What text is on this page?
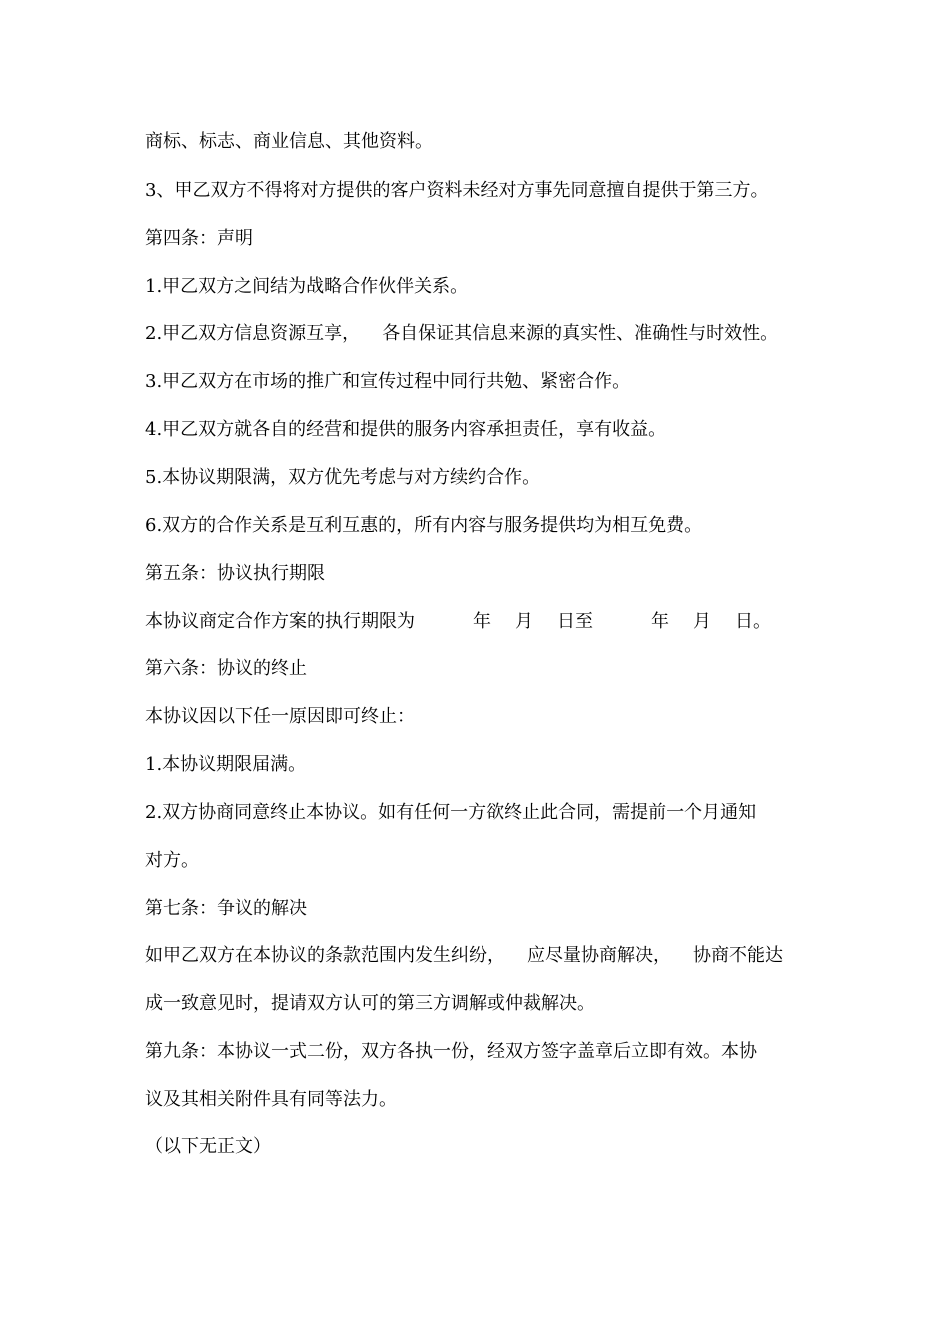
商标、标志、商业信息、其他资料。
3、甲乙双方不得将对方提供的客户资料未经对方事先同意擅自提供于第三方。
第四条：声明
1.甲乙双方之间结为战略合作伙伴关系。
2.甲乙双方信息资源互享， 各自保证其信息来源的真实性、准确性与时效性。
3.甲乙双方在市场的推广和宣传过程中同行共勉、紧密合作。
4.甲乙双方就各自的经营和提供的服务内容承担责任，享有收益。
5.本协议期限满，双方优先考虑与对方续约合作。
6.双方的合作关系是互利互惠的，所有内容与服务提供均为相互免费。
第五条：协议执行期限
本协议商定合作方案的执行期限为	年 月 日至	年 月 日。
第六条：协议的终止
本协议因以下任一原因即可终止：
1.本协议期限届满。
2.双方协商同意终止本协议。如有任何一方欲终止此合同，需提前一个月通知
对方。
第七条：争议的解决
如甲乙双方在本协议的条款范围内发生纠纷， 应尽量协商解决， 协商不能达
成一致意见时，提请双方认可的第三方调解或仲裁解决。
第九条：本协议一式二份，双方各执一份，经双方签字盖章后立即有效。本协
议及其相关附件具有同等法力。
（以下无正文）
